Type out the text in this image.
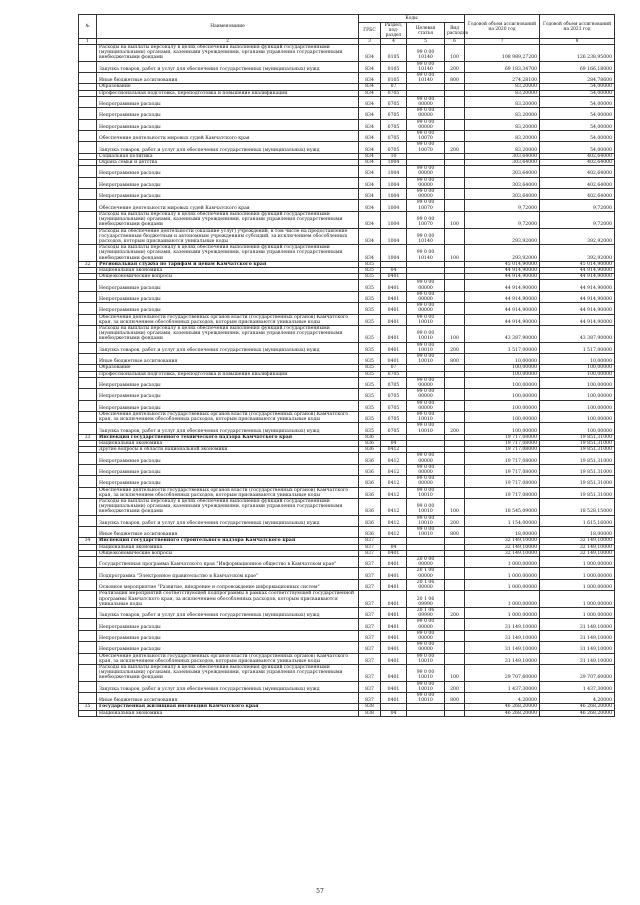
№	Наименование	Коды				Годовой объем ассигнований на 2020 год	Годовой объем ассигнований на 2021 год
		ГРБС	Раздел, под-раздел	Целевая статья	Вид расходов		
1	2	3	4	5	6	7	8
	Расходы на выплаты персоналу в целях обеспечения выполнения функций государственными (муниципальными) органами, казенными учреждениями, органами управления государственными внебюджетными фондами	834	0105	99 0 00 10140	100	108 989,27200	126 238,95000
	Закупка товаров, работ и услуг для обеспечения государственных (муниципальных) нужд	834	0105	99 0 00 10140	200	69 183,34700	69 166,18000
	Иные бюджетные ассигнования	834	0105	99 0 00 10140	800	274,28100	284,78600
	Образование	834	07			83,20000	54,00000
	Профессиональная подготовка, переподготовка и повышение квалификации	834	0705			83,20000	54,00000
	Непрограммные расходы	834	0705	99 0 00 00000		83,20000	54,00000
	Непрограммные расходы	834	0705	99 0 00 00000		83,20000	54,00000
	Непрограммные расходы	834	0705	99 0 00 00000		83,20000	54,00000
	Обеспечение деятельности мировых судей Камчатского края	834	0705	99 0 00 10070		83,20000	54,00000
	Закупка товаров, работ и услуг для обеспечения государственных (муниципальных) нужд	834	0705	99 0 00 10070	200	83,20000	54,00000
	Социальная политика	834	10			303,64000	402,64000
	Охрана семьи и детства	834	1004			303,64000	402,64000
	Непрограммные расходы	834	1004	99 0 00 00000		303,64000	402,64000
	Непрограммные расходы	834	1004	99 0 00 00000		303,64000	402,64000
	Непрограммные расходы	834	1004	99 0 00 00000		303,64000	402,64000
	Обеспечение деятельности мировых судей Камчатского края	834	1004	99 0 00 10070		9,72000	9,72000
	Расходы на выплаты персоналу в целях обеспечения выполнения функций государственными (муниципальными) органами, казенными учреждениями, органами управления государственными внебюджетными фондами	834	1004	99 0 00 10070	100	9,72000	9,72000
	Расходы на обеспечение деятельности (оказание услуг) учреждений, в том числе на предоставление государственным бюджетным и автономным учреждениям субсидий, за исключением обособленных расходов, которым присваиваются уникальные коды	834	1004	99 0 00 10140		293,92000	392,92000
	Расходы на выплаты персоналу в целях обеспечения выполнения функций государственными (муниципальными) органами, казенными учреждениями, органами управления государственными внебюджетными фондами	834	1004	99 0 00 10140	100	293,92000	392,92000
32	Региональная служба по тарифам и ценам Камчатского края	835				45 014,90000	45 014,90000
	Национальная экономика	835	04			44 914,90000	44 914,90000
	Общеэкономические вопросы	835	0401			44 914,90000	44 914,90000
	Непрограммные расходы	835	0401	99 0 00 00000		44 914,90000	44 914,90000
	Непрограммные расходы	835	0401	99 0 00 00000		44 914,90000	44 914,90000
	Непрограммные расходы	835	0401	99 0 00 00000		44 914,90000	44 914,90000
	Обеспечение деятельности государственных органов власти (государственных органов) Камчатского края, за исключением обособленных расходов, которым присваиваются уникальные коды	835	0401	99 0 00 10010		44 914,90000	44 914,90000
	Расходы на выплаты персоналу в целях обеспечения выполнения функций государственными (муниципальными) органами, казенными учреждениями, органами управления государственными внебюджетными фондами	835	0401	99 0 00 10010	100	43 387,90000	43 387,90000
	Закупка товаров, работ и услуг для обеспечения государственных (муниципальных) нужд	835	0401	99 0 00 10010	200	1 517,00000	1 517,00000
	Иные бюджетные ассигнования	835	0401	99 0 00 10010	800	10,00000	10,00000
	Образование	835	07			100,00000	100,00000
	Профессиональная подготовка, переподготовка и повышение квалификации	835	0705			100,00000	100,00000
	Непрограммные расходы	835	0705	99 0 00 00000		100,00000	100,00000
	Непрограммные расходы	835	0705	99 0 00 00000		100,00000	100,00000
	Непрограммные расходы	835	0705	99 0 00 00000		100,00000	100,00000
	Обеспечение деятельности государственных органов власти (государственных органов) Камчатского края, за исключением обособленных расходов, которым присваиваются уникальные коды	835	0705	99 0 00 10010		100,00000	100,00000
	Закупка товаров, работ и услуг для обеспечения государственных (муниципальных) нужд	835	0705	99 0 00 10010	200	100,00000	100,00000
33	Инспекция государственного технического надзора Камчатского края	836				19 717,08000	19 851,31000
	Национальная экономика	836	04			19 717,08000	19 851,31000
	Другие вопросы в области национальной экономики	836	0412			19 717,08000	19 851,31000
	Непрограммные расходы	836	0412	99 0 00 00000		19 717,08000	19 851,31000
	Непрограммные расходы	836	0412	99 0 00 00000		19 717,08000	19 851,31000
	Непрограммные расходы	836	0412	99 0 00 00000		19 717,08000	19 851,31000
	Обеспечение деятельности государственных органов власти (государственных органов) Камчатского края, за исключением обособленных расходов, которым присваиваются уникальные коды	836	0412	99 0 00 10010		19 717,08000	19 851,31000
	Расходы на выплаты персоналу в целях обеспечения выполнения функций государственными (муниципальными) органами, казенными учреждениями, органами управления государственными внебюджетными фондами	836	0412	99 0 00 10010	100	18 545,09000	18 528,15000
	Закупка товаров, работ и услуг для обеспечения государственных (муниципальных) нужд	836	0412	99 0 00 10010	200	1 154,00000	1 615,16000
	Иные бюджетные ассигнования	836	0412	99 0 00 10010	800	18,00000	18,00000
34	Инспекция государственного строительного надзора Камчатского края	837				32 149,10000	32 149,10000
	Национальная экономика	837	04			32 149,10000	32 149,10000
	Общеэкономические вопросы	837	0401			32 149,10000	32 149,10000
	Государственная программа Камчатского края "Информационное общество в Камчатском крае"	837	0401	20 0 00 00000		1 000,00000	1 000,00000
	Подпрограмма "Электронное правительство в Камчатском крае"	837	0401	20 1 00 00000		1 000,00000	1 000,00000
	Основное мероприятие "Развитие, внедрение и сопровождение информационных систем"	837	0401	20 1 06 00000		1 000,00000	1 000,00000
	Реализация мероприятий соответствующей подпрограммы в рамках соответствующей государственной программы Камчатского края, за исключением обособленных расходов, которым присваиваются уникальные коды	837	0401	20 1 06 09990		1 000,00000	1 000,00000
	Закупка товаров, работ и услуг для обеспечения государственных (муниципальных) нужд	837	0401	20 1 06 09990	200	1 000,00000	1 000,00000
	Непрограммные расходы	837	0401	99 0 00 00000		31 149,10000	31 149,10000
	Непрограммные расходы	837	0401	99 0 00 00000		31 149,10000	31 149,10000
	Непрограммные расходы	837	0401	99 0 00 00000		31 149,10000	31 149,10000
	Обеспечение деятельности государственных органов власти (государственных органов) Камчатского края, за исключением обособленных расходов, которым присваиваются уникальные коды	837	0401	99 0 00 10010		31 149,10000	31 149,10000
	Расходы на выплаты персоналу в целях обеспечения выполнения функций государственными (муниципальными) органами, казенными учреждениями, органами управления государственными внебюджетными фондами	837	0401	99 0 00 10010	100	29 707,60000	29 707,60000
	Закупка товаров, работ и услуг для обеспечения государственных (муниципальных) нужд	837	0401	99 0 00 10010	200	1 437,30000	1 437,30000
	Иные бюджетные ассигнования	837	0401	99 0 00 10010	800	4,20000	4,20000
35	Государственная жилищная инспекция Камчатского края	838				46 268,20000	46 268,20000
	Национальная экономика	838	04			46 268,20000	46 268,20000
57
